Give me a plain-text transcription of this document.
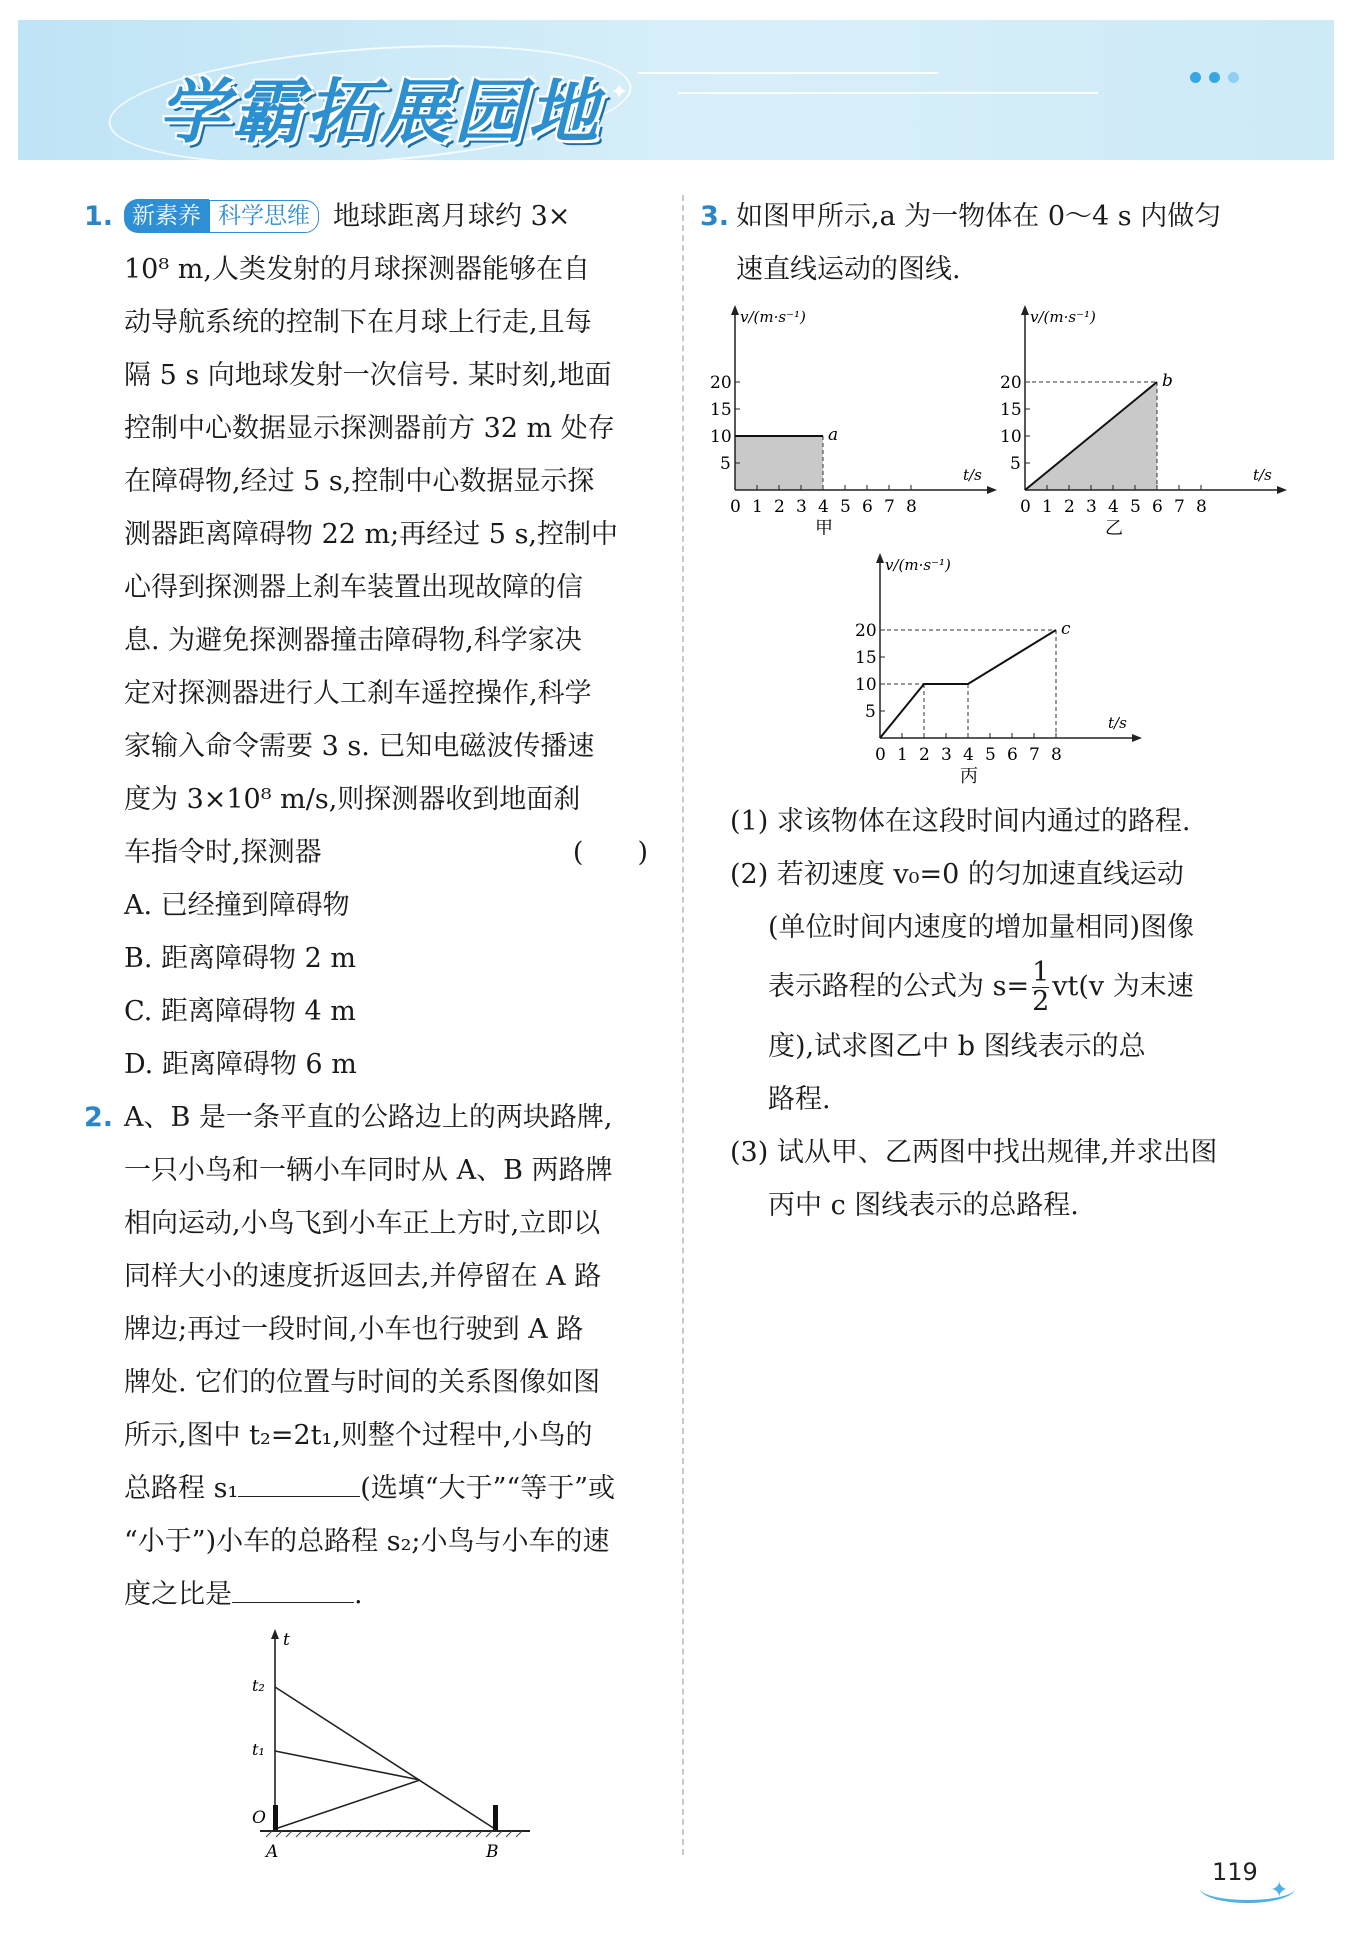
学霸拓展园地 ✦
1. 新素养 科学思维 地球距离月球约 3×

10⁸ m,人类发射的月球探测器能够在自

动导航系统的控制下在月球上行走,且每

隔 5 s 向地球发射一次信号. 某时刻,地面

控制中心数据显示探测器前方 32 m 处存

在障碍物,经过 5 s,控制中心数据显示探

测器距离障碍物 22 m;再经过 5 s,控制中

心得到探测器上刹车装置出现故障的信

息. 为避免探测器撞击障碍物,科学家决

定对探测器进行人工刹车遥控操作,科学

家输入命令需要 3 s. 已知电磁波传播速

度为 3×10⁸ m/s,则探测器收到地面刹

车指令时,探测器	(　　)

A. 已经撞到障碍物

B. 距离障碍物 2 m

C. 距离障碍物 4 m

D. 距离障碍物 6 m

2. A、B 是一条平直的公路边上的两块路牌,

一只小鸟和一辆小车同时从 A、B 两路牌

相向运动,小鸟飞到小车正上方时,立即以

同样大小的速度折返回去,并停留在 A 路

牌边;再过一段时间,小车也行驶到 A 路

牌处. 它们的位置与时间的关系图像如图

所示,图中 t₂=2t₁,则整个过程中,小鸟的

总路程 s₁	(选填“大于”“等于”或

“小于”)小车的总路程 s₂;小鸟与小车的速

度之比是	.

t
t₂
t₁
O
A	B
3. 如图甲所示,a 为一物体在 0～4 s 内做匀

速直线运动的图线.

v/(m·s⁻¹)
t/s
0 1 2 3 4 5 6 7 8
5
10
15
20
a
甲
v/(m·s⁻¹)
t/s
0 1 2 3 4 5 6 7 8
5
10
15
20	b
乙
v/(m·s⁻¹)
t/s
0 1 2 3 4 5 6 7 8
5
10
15
20	c
丙

(1) 求该物体在这段时间内通过的路程.

(2) 若初速度 v₀=0 的匀加速直线运动

(单位时间内速度的增加量相同)图像

表示路程的公式为 $s= \frac{1}{2} vt(v$ 为末速

度),试求图乙中 b 图线表示的总

路程.

(3) 试从甲、乙两图中找出规律,并求出图

丙中 c 图线表示的总路程.

119
✦
